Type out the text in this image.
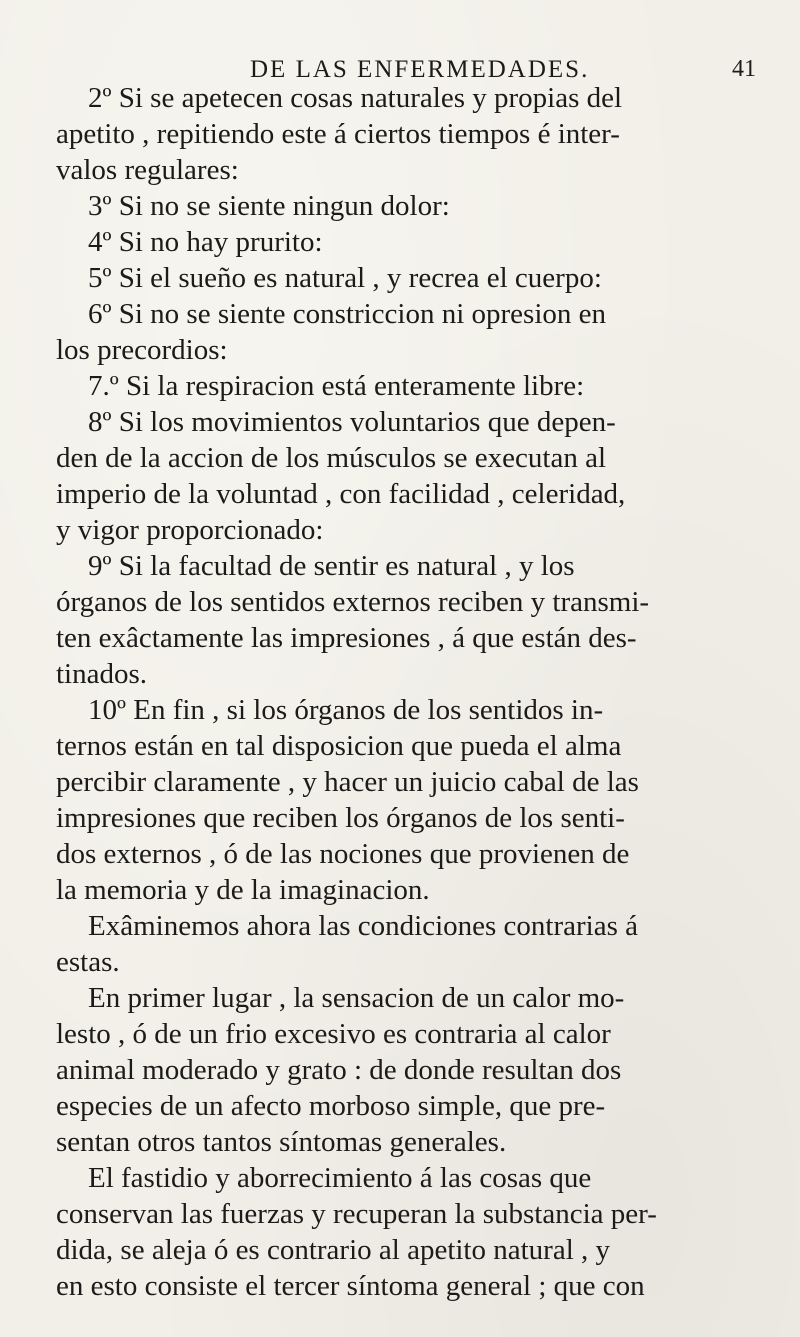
DE LAS ENFERMEDADES.	41
2º Si se apetecen cosas naturales y propias del
apetito , repitiendo este á ciertos tiempos é inter-
valos regulares:
3º Si no se siente ningun dolor:
4º Si no hay prurito:
5º Si el sueño es natural , y recrea el cuerpo:
6º Si no se siente constriccion ni opresion en
los precordios:
7.º Si la respiracion está enteramente libre:
8º Si los movimientos voluntarios que depen-
den de la accion de los músculos se executan al
imperio de la voluntad , con facilidad , celeridad,
y vigor proporcionado:
9º Si la facultad de sentir es natural , y los
órganos de los sentidos externos reciben y transmi-
ten exâctamente las impresiones , á que están des-
tinados.
10º En fin , si los órganos de los sentidos in-
ternos están en tal disposicion que pueda el alma
percibir claramente , y hacer un juicio cabal de las
impresiones que reciben los órganos de los senti-
dos externos , ó de las nociones que provienen de
la memoria y de la imaginacion.
Exâminemos ahora las condiciones contrarias á
estas.
En primer lugar , la sensacion de un calor mo-
lesto , ó de un frio excesivo es contraria al calor
animal moderado y grato : de donde resultan dos
especies de un afecto morboso simple, que pre-
sentan otros tantos síntomas generales.
El fastidio y aborrecimiento á las cosas que
conservan las fuerzas y recuperan la substancia per-
dida, se aleja ó es contrario al apetito natural , y
en esto consiste el tercer síntoma general ; que con
